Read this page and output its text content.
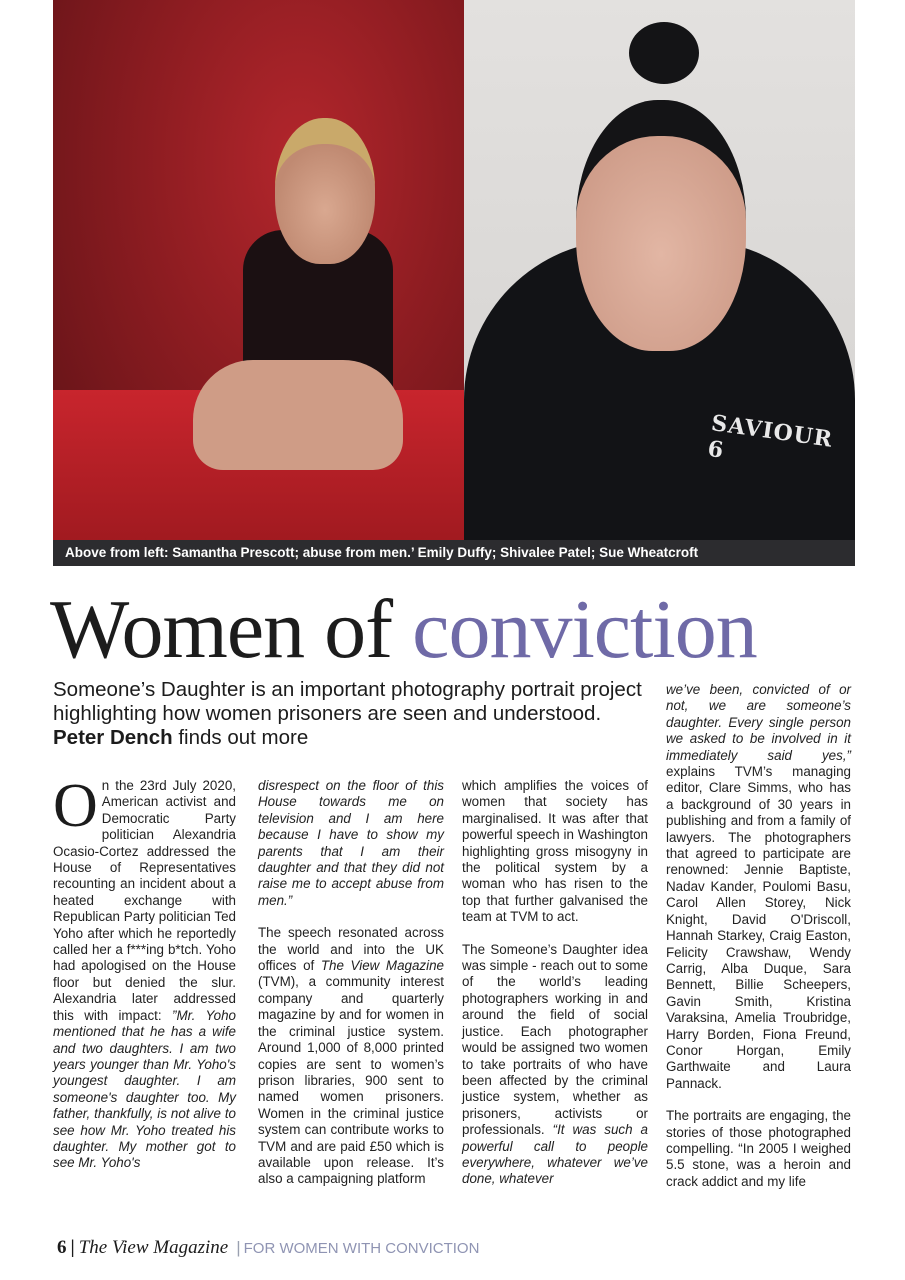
SAVIOUR 6
Above from left: Samantha Prescott; abuse from men.’ Emily Duffy; Shivalee Patel; Sue Wheatcroft
Women of conviction
Someone’s Daughter is an important photography portrait project highlighting how women prisoners are seen and understood. Peter Dench finds out more

On the 23rd July 2020, American activist and Democratic Party politician Alexandria Ocasio-Cortez addressed the House of Representatives recounting an incident about a heated exchange with Republican Party politician Ted Yoho after which he reportedly called her a f***ing b*tch. Yoho had apologised on the House floor but denied the slur. Alexandria later addressed this with impact: ”Mr. Yoho mentioned that he has a wife and two daughters. I am two years younger than Mr. Yoho's youngest daughter. I am someone's daughter too. My father, thankfully, is not alive to see how Mr. Yoho treated his daughter. My mother got to see Mr. Yoho's

disrespect on the floor of this House towards me on television and I am here because I have to show my parents that I am their daughter and that they did not raise me to accept abuse from men.”

The speech resonated across the world and into the UK offices of The View Magazine (TVM), a community interest company and quarterly magazine by and for women in the criminal justice system. Around 1,000 of 8,000 printed copies are sent to women’s prison libraries, 900 sent to named women prisoners. Women in the criminal justice system can contribute works to TVM and are paid £50 which is available upon release. It’s also a campaigning platform

which amplifies the voices of women that society has marginalised. It was after that powerful speech in Washington highlighting gross misogyny in the political system by a woman who has risen to the top that further galvanised the team at TVM to act.

The Someone’s Daughter idea was simple - reach out to some of the world’s leading photographers working in and around the field of social justice. Each photographer would be assigned two women to take portraits of who have been affected by the criminal justice system, whether as prisoners, activists or professionals. “It was such a powerful call to people everywhere, whatever we’ve done, whatever

we’ve been, convicted of or not, we are someone’s daughter. Every single person we asked to be involved in it immediately said yes,” explains TVM’s managing editor, Clare Simms, who has a background of 30 years in publishing and from a family of lawyers. The photographers that agreed to participate are renowned: Jennie Baptiste, Nadav Kander, Poulomi Basu, Carol Allen Storey, Nick Knight, David O'Driscoll, Hannah Starkey, Craig Easton, Felicity Crawshaw, Wendy Carrig, Alba Duque, Sara Bennett, Billie Scheepers, Gavin Smith, Kristina Varaksina, Amelia Troubridge, Harry Borden, Fiona Freund, Conor Horgan, Emily Garthwaite and Laura Pannack.

The portraits are engaging, the stories of those photographed compelling. “In 2005 I weighed 5.5 stone, was a heroin and crack addict and my life

6 | The View Magazine | FOR WOMEN WITH CONVICTION
